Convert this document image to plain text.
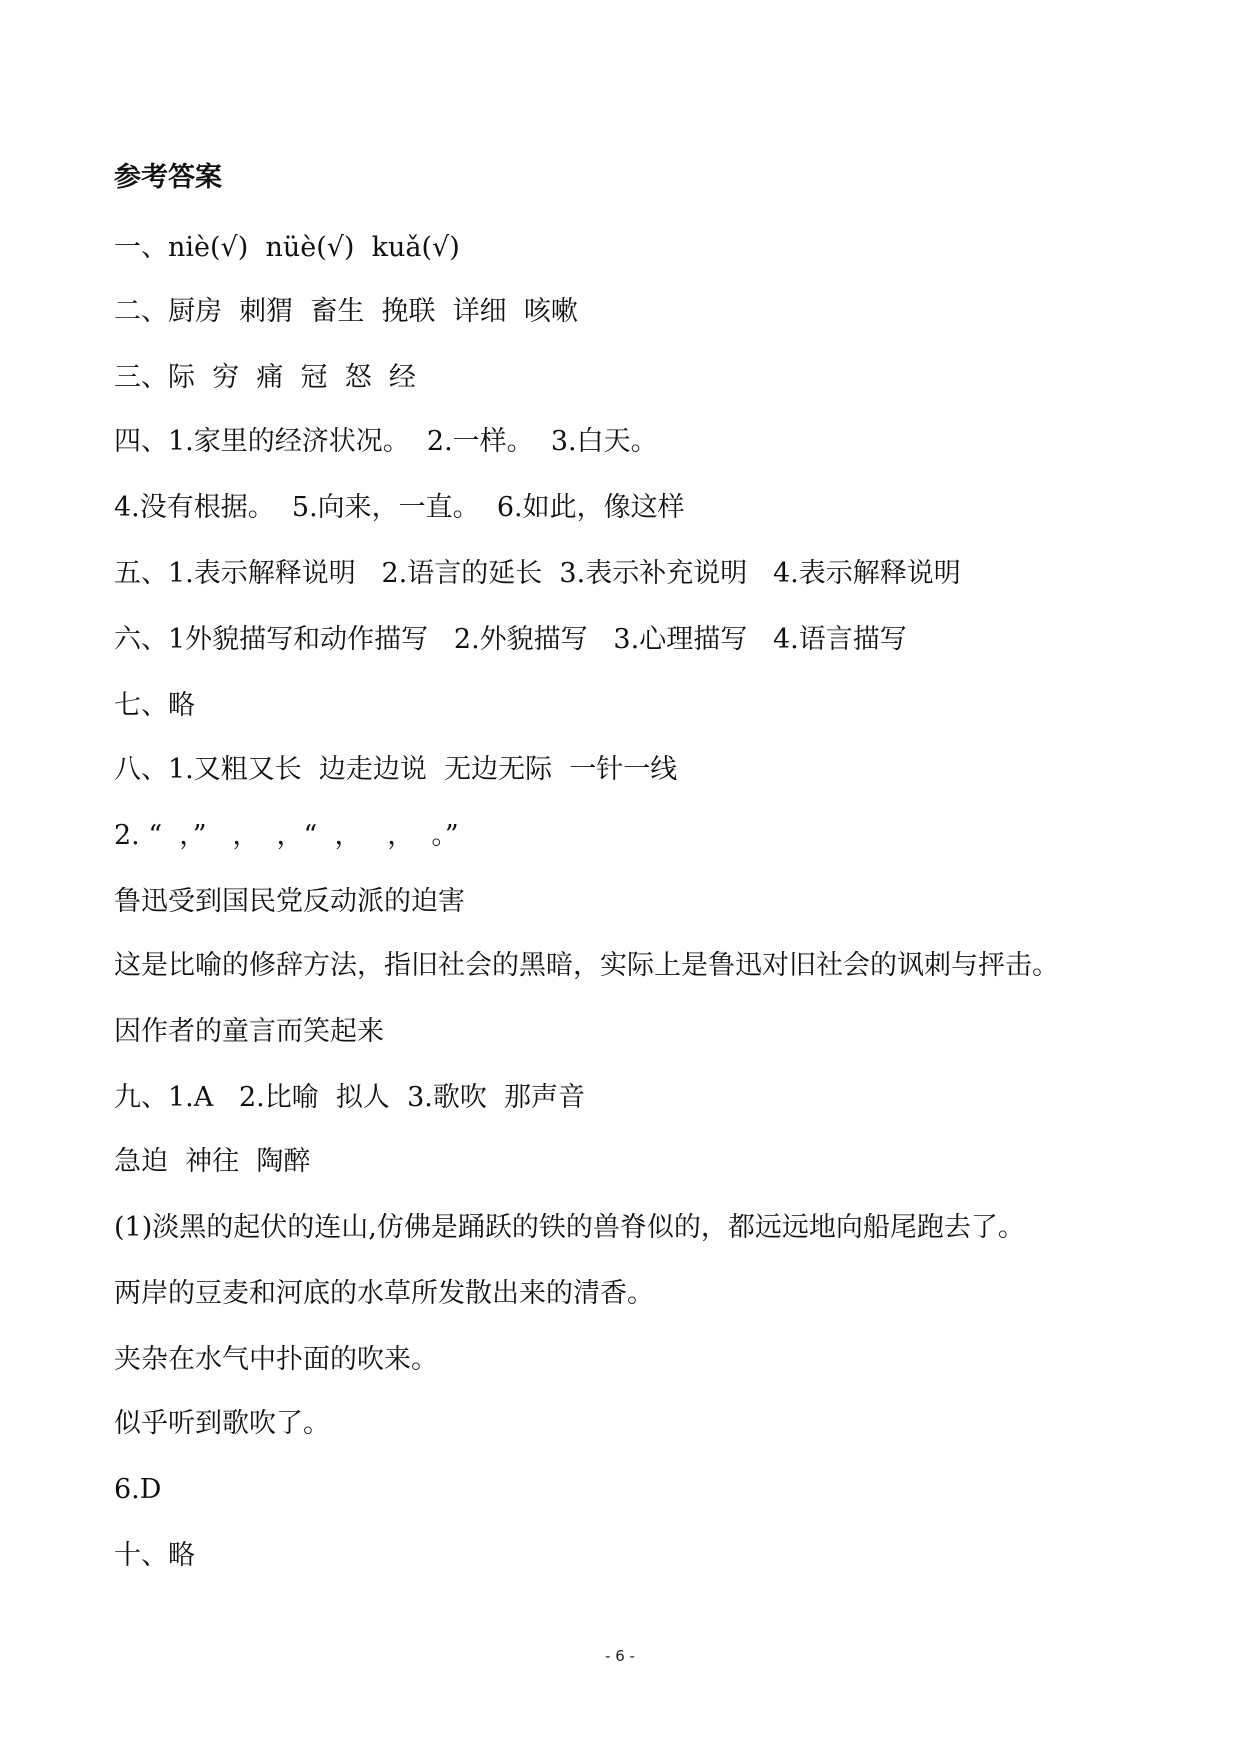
参考答案
一、niè(√)  nüè(√)  kuǎ(√)
二、厨房  刺猬  畜生  挽联  详细  咳嗽
三、际  穷  痛  冠  怒  经
四、1.家里的经济状况。  2.一样。  3.白天。
4.没有根据。  5.向来，一直。  6.如此，像这样
五、1.表示解释说明   2.语言的延长  3.表示补充说明   4.表示解释说明
六、1外貌描写和动作描写   2.外貌描写   3.心理描写   4.语言描写
七、略
八、1.又粗又长  边走边说  无边无际  一针一线
2. “  ，”   ，  ，“  ，   ，  。”
鲁迅受到国民党反动派的迫害
这是比喻的修辞方法，指旧社会的黑暗，实际上是鲁迅对旧社会的讽刺与抨击。
因作者的童言而笑起来
九、1.A   2.比喻  拟人  3.歌吹  那声音
急迫  神往  陶醉
(1)淡黑的起伏的连山,仿佛是踊跃的铁的兽脊似的，都远远地向船尾跑去了。
两岸的豆麦和河底的水草所发散出来的清香。
夹杂在水气中扑面的吹来。
似乎听到歌吹了。
6.D
十、略
- 6 -
